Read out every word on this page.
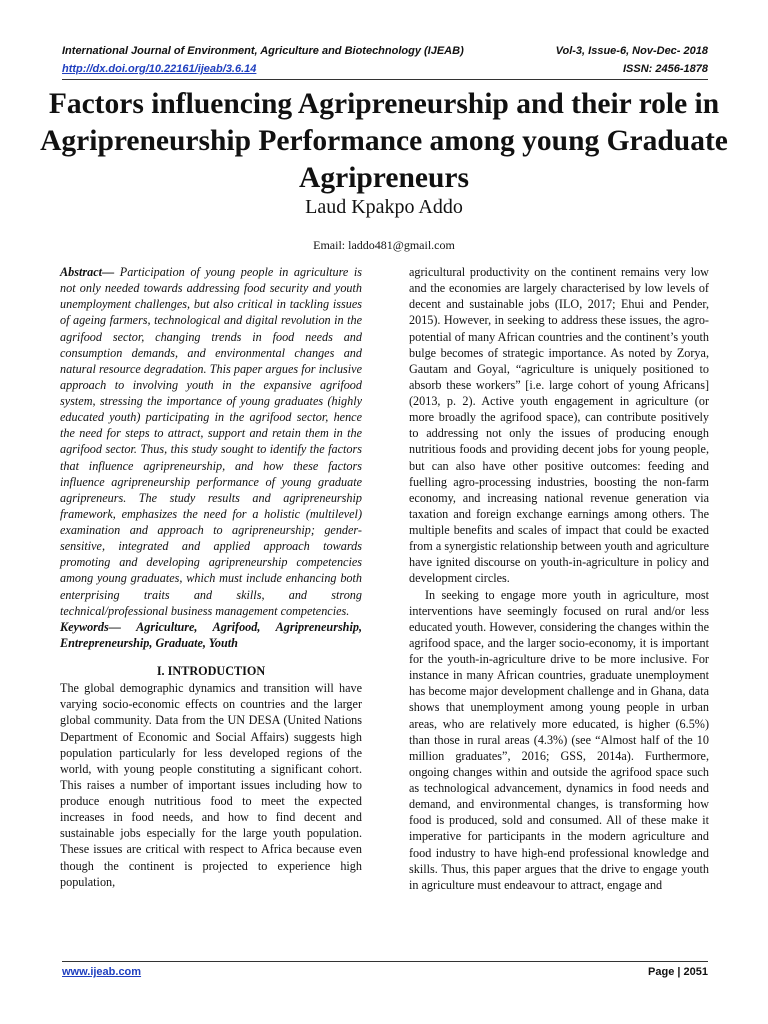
International Journal of Environment, Agriculture and Biotechnology (IJEAB)	Vol-3, Issue-6, Nov-Dec- 2018
http://dx.doi.org/10.22161/ijeab/3.6.14	ISSN: 2456-1878
Factors influencing Agripreneurship and their role in Agripreneurship Performance among young Graduate Agripreneurs
Laud Kpakpo Addo
Email: laddo481@gmail.com

Abstract— Participation of young people in agriculture is not only needed towards addressing food security and youth unemployment challenges, but also critical in tackling issues of ageing farmers, technological and digital revolution in the agrifood sector, changing trends in food needs and consumption demands, and environmental changes and natural resource degradation. This paper argues for inclusive approach to involving youth in the expansive agrifood system, stressing the importance of young graduates (highly educated youth) participating in the agrifood sector, hence the need for steps to attract, support and retain them in the agrifood sector. Thus, this study sought to identify the factors that influence agripreneurship, and how these factors influence agripreneurship performance of young graduate agripreneurs. The study results and agripreneurship framework, emphasizes the need for a holistic (multilevel) examination and approach to agripreneurship; gender-sensitive, integrated and applied approach towards promoting and developing agripreneurship competencies among young graduates, which must include enhancing both enterprising traits and skills, and strong technical/professional business management competencies.

Keywords— Agriculture, Agrifood, Agripreneurship, Entrepreneurship, Graduate, Youth

I. INTRODUCTION

The global demographic dynamics and transition will have varying socio-economic effects on countries and the larger global community. Data from the UN DESA (United Nations Department of Economic and Social Affairs) suggests high population particularly for less developed regions of the world, with young people constituting a significant cohort. This raises a number of important issues including how to produce enough nutritious food to meet the expected increases in food needs, and how to find decent and sustainable jobs especially for the large youth population. These issues are critical with respect to Africa because even though the continent is projected to experience high population,

agricultural productivity on the continent remains very low and the economies are largely characterised by low levels of decent and sustainable jobs (ILO, 2017; Ehui and Pender, 2015). However, in seeking to address these issues, the agro-potential of many African countries and the continent’s youth bulge becomes of strategic importance. As noted by Zorya, Gautam and Goyal, “agriculture is uniquely positioned to absorb these workers” [i.e. large cohort of young Africans] (2013, p. 2). Active youth engagement in agriculture (or more broadly the agrifood space), can contribute positively to addressing not only the issues of producing enough nutritious foods and providing decent jobs for young people, but can also have other positive outcomes: feeding and fuelling agro-processing industries, boosting the non-farm economy, and increasing national revenue generation via taxation and foreign exchange earnings among others. The multiple benefits and scales of impact that could be exacted from a synergistic relationship between youth and agriculture have ignited discourse on youth-in-agriculture in policy and development circles.

In seeking to engage more youth in agriculture, most interventions have seemingly focused on rural and/or less educated youth. However, considering the changes within the agrifood space, and the larger socio-economy, it is important for the youth-in-agriculture drive to be more inclusive. For instance in many African countries, graduate unemployment has become major development challenge and in Ghana, data shows that unemployment among young people in urban areas, who are relatively more educated, is higher (6.5%) than those in rural areas (4.3%) (see “Almost half of the 10 million graduates”, 2016; GSS, 2014a). Furthermore, ongoing changes within and outside the agrifood space such as technological advancement, dynamics in food needs and demand, and environmental changes, is transforming how food is produced, sold and consumed. All of these make it imperative for participants in the modern agriculture and food industry to have high-end professional knowledge and skills. Thus, this paper argues that the drive to engage youth in agriculture must endeavour to attract, engage and

www.ijeab.com	Page | 2051
